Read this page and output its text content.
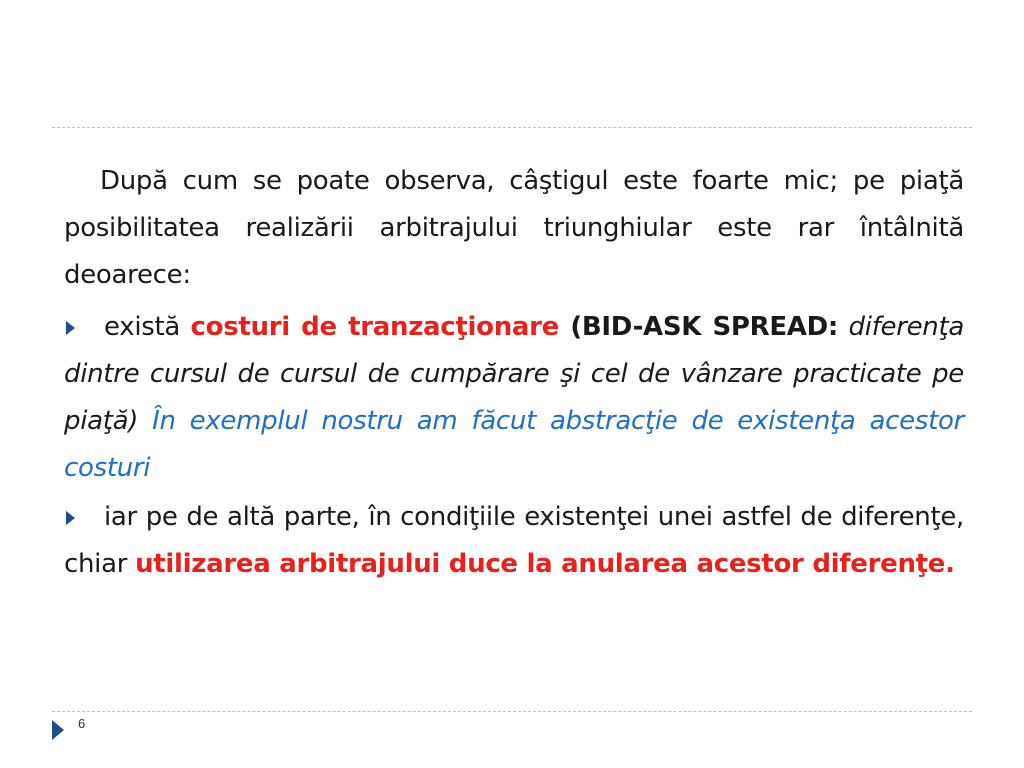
După cum se poate observa, câştigul este foarte mic; pe piaţă posibilitatea realizării arbitrajului triunghiular este rar întâlnită deoarece:

există costuri de tranzacţionare (BID-ASK SPREAD: diferenţa dintre cursul de cursul de cumpărare şi cel de vânzare practicate pe piaţă) În exemplul nostru am făcut abstracţie de existenţa acestor costuri

iar pe de altă parte, în condiţiile existenţei unei astfel de diferenţe, chiar utilizarea arbitrajului duce la anularea acestor diferenţe.

6
